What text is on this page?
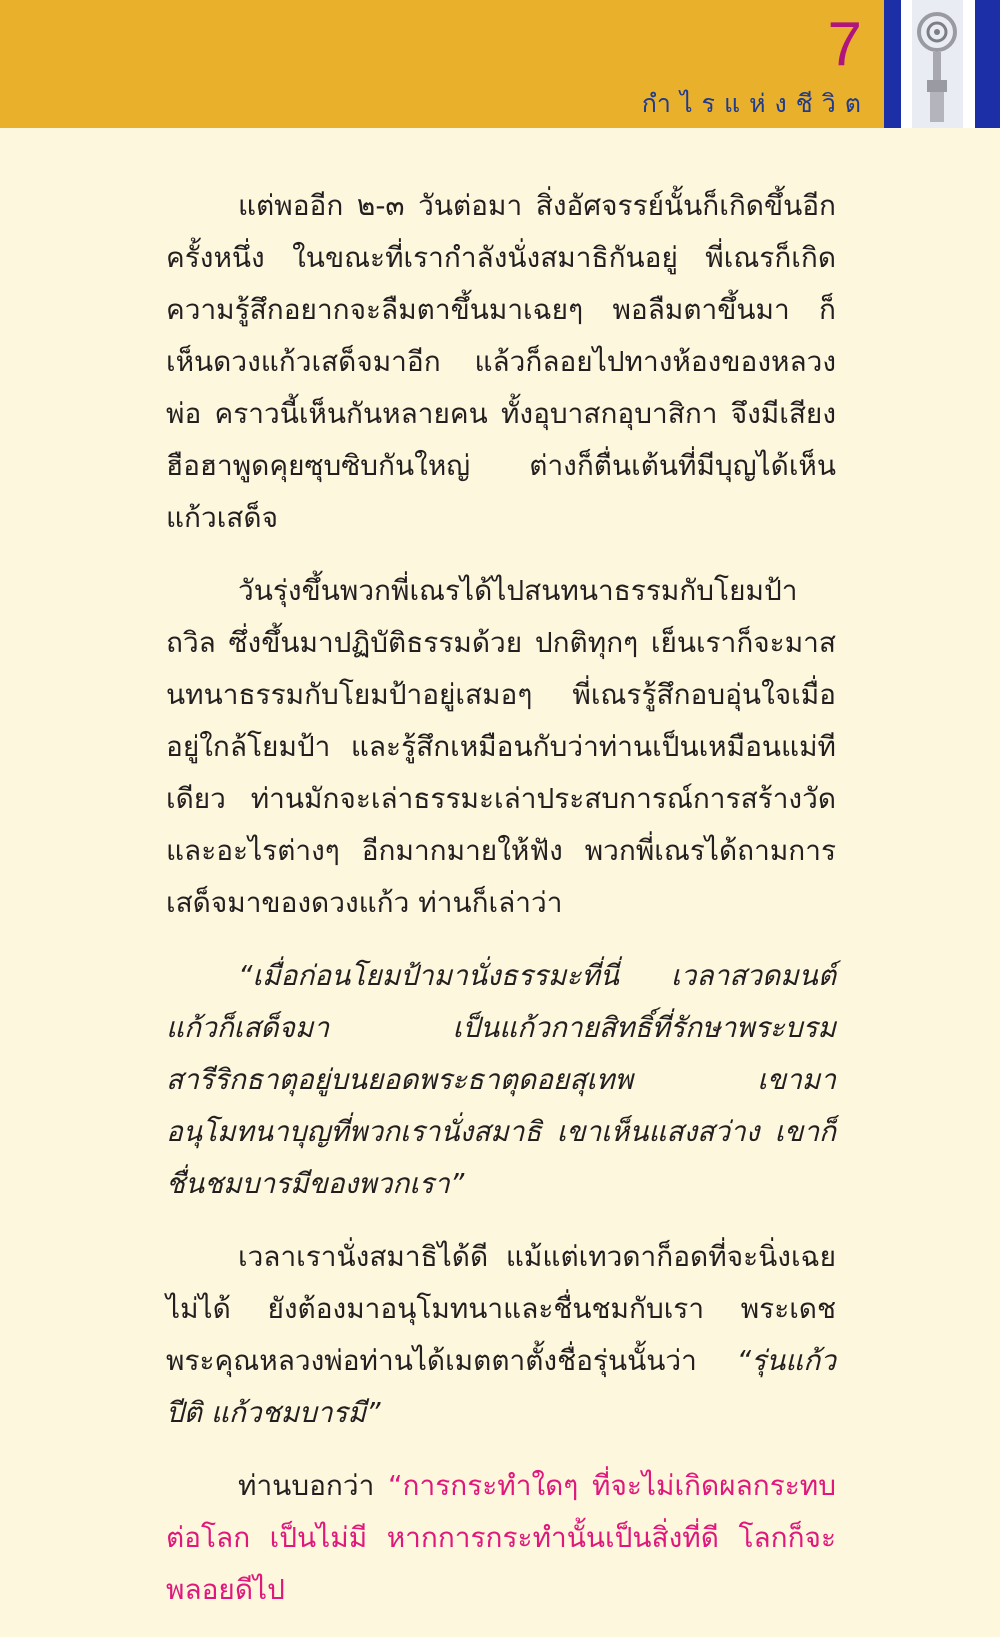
7
กำไรแห่งชีวิต

แต่พออีก ๒-๓ วันต่อมา สิ่งอัศจรรย์นั้นก็เกิดขึ้นอีกครั้งหนึ่ง ในขณะที่เรากำลังนั่งสมาธิกันอยู่ พี่เณรก็เกิดความรู้สึกอยากจะลืมตาขึ้นมาเฉยๆ พอลืมตาขึ้นมา ก็เห็นดวงแก้วเสด็จมาอีก แล้วก็ลอยไปทางห้องของหลวงพ่อ คราวนี้เห็นกันหลายคน ทั้งอุบาสกอุบาสิกา จึงมีเสียงฮือฮาพูดคุยซุบซิบกันใหญ่ ต่างก็ตื่นเต้นที่มีบุญได้เห็นแก้วเสด็จ

วันรุ่งขึ้นพวกพี่เณรได้ไปสนทนาธรรมกับโยมป้าถวิล ซึ่งขึ้นมาปฏิบัติธรรมด้วย ปกติทุกๆ เย็นเราก็จะมาสนทนาธรรมกับโยมป้าอยู่เสมอๆ พี่เณรรู้สึกอบอุ่นใจเมื่ออยู่ใกล้โยมป้า และรู้สึกเหมือนกับว่าท่านเป็นเหมือนแม่ทีเดียว ท่านมักจะเล่าธรรมะเล่าประสบการณ์การสร้างวัดและอะไรต่างๆ อีกมากมายให้ฟัง พวกพี่เณรได้ถามการเสด็จมาของดวงแก้ว ท่านก็เล่าว่า

“เมื่อก่อนโยมป้ามานั่งธรรมะที่นี่ เวลาสวดมนต์แก้วก็เสด็จมา เป็นแก้วกายสิทธิ์ที่รักษาพระบรมสารีริกธาตุอยู่บนยอดพระธาตุดอยสุเทพ เขามาอนุโมทนาบุญที่พวกเรานั่งสมาธิ เขาเห็นแสงสว่าง เขาก็ชื่นชมบารมีของพวกเรา”

เวลาเรานั่งสมาธิได้ดี แม้แต่เทวดาก็อดที่จะนิ่งเฉยไม่ได้ ยังต้องมาอนุโมทนาและชื่นชมกับเรา พระเดชพระคุณหลวงพ่อท่านได้เมตตาตั้งชื่อรุ่นนั้นว่า “รุ่นแก้วปีติ แก้วชมบารมี”

ท่านบอกว่า “การกระทำใดๆ ที่จะไม่เกิดผลกระทบต่อโลก เป็นไม่มี หากการกระทำนั้นเป็นสิ่งที่ดี โลกก็จะพลอยดีไป
